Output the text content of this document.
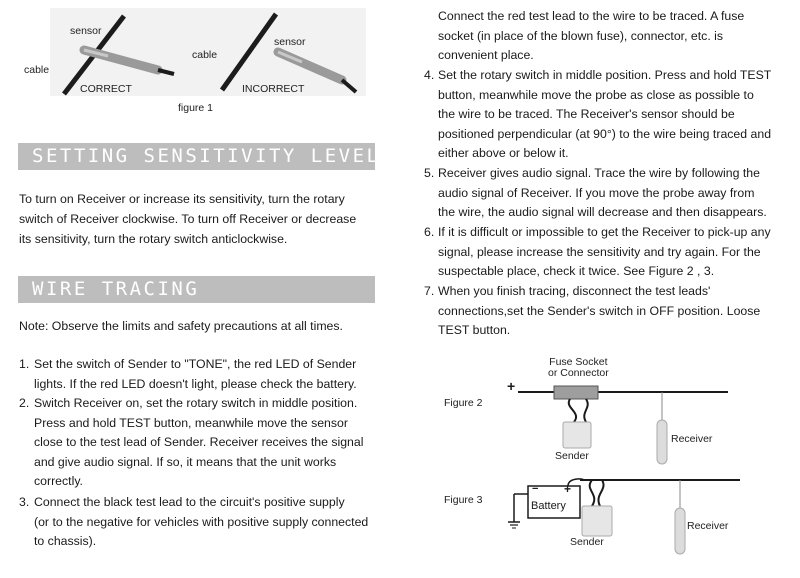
sensor
cable
CORRECT
cable
sensor
INCORRECT
figure 1
SETTING SENSITIVITY LEVEL
To turn on Receiver or increase its sensitivity, turn the rotary
switch of Receiver clockwise. To turn off Receiver or decrease
its sensitivity, turn the rotary switch anticlockwise.
WIRE TRACING
Note: Observe the limits and safety precautions at all times.
1. Set the switch of Sender to "TONE", the red LED of Sender
lights. If the red LED doesn't light, please check the battery.
2. Switch Receiver on, set the rotary switch in middle position.
Press and hold TEST button, meanwhile move the sensor
close to the test lead of Sender. Receiver receives the signal
and give audio signal. If so, it means that the unit works
correctly.
3. Connect the black test lead to the circuit's positive supply
(or to the negative for vehicles with positive supply connected
to chassis).
Connect the red test lead to the wire to be traced. A fuse
socket (in place of the blown fuse), connector, etc. is
convenient place.
4. Set the rotary switch in middle position. Press and hold TEST
button, meanwhile move the probe as close as possible to
the wire to be traced. The Receiver's sensor should be
positioned perpendicular (at 90°) to the wire being traced and
either above or below it.
5. Receiver gives audio signal. Trace the wire by following the
audio signal of Receiver. If you move the probe away from
the wire, the audio signal will decrease and then disappears.
6. If it is difficult or impossible to get the Receiver to pick-up any
signal, please increase the sensitivity and try again. For the
suspectable place, check it twice. See Figure 2 , 3.
7. When you finish tracing, disconnect the test leads'
connections,set the Sender's switch in OFF position. Loose
TEST button.
Figure 2
Fuse Socket
or Connector
+
Receiver
Sender
Figure 3
− +
Battery
Receiver
Sender
